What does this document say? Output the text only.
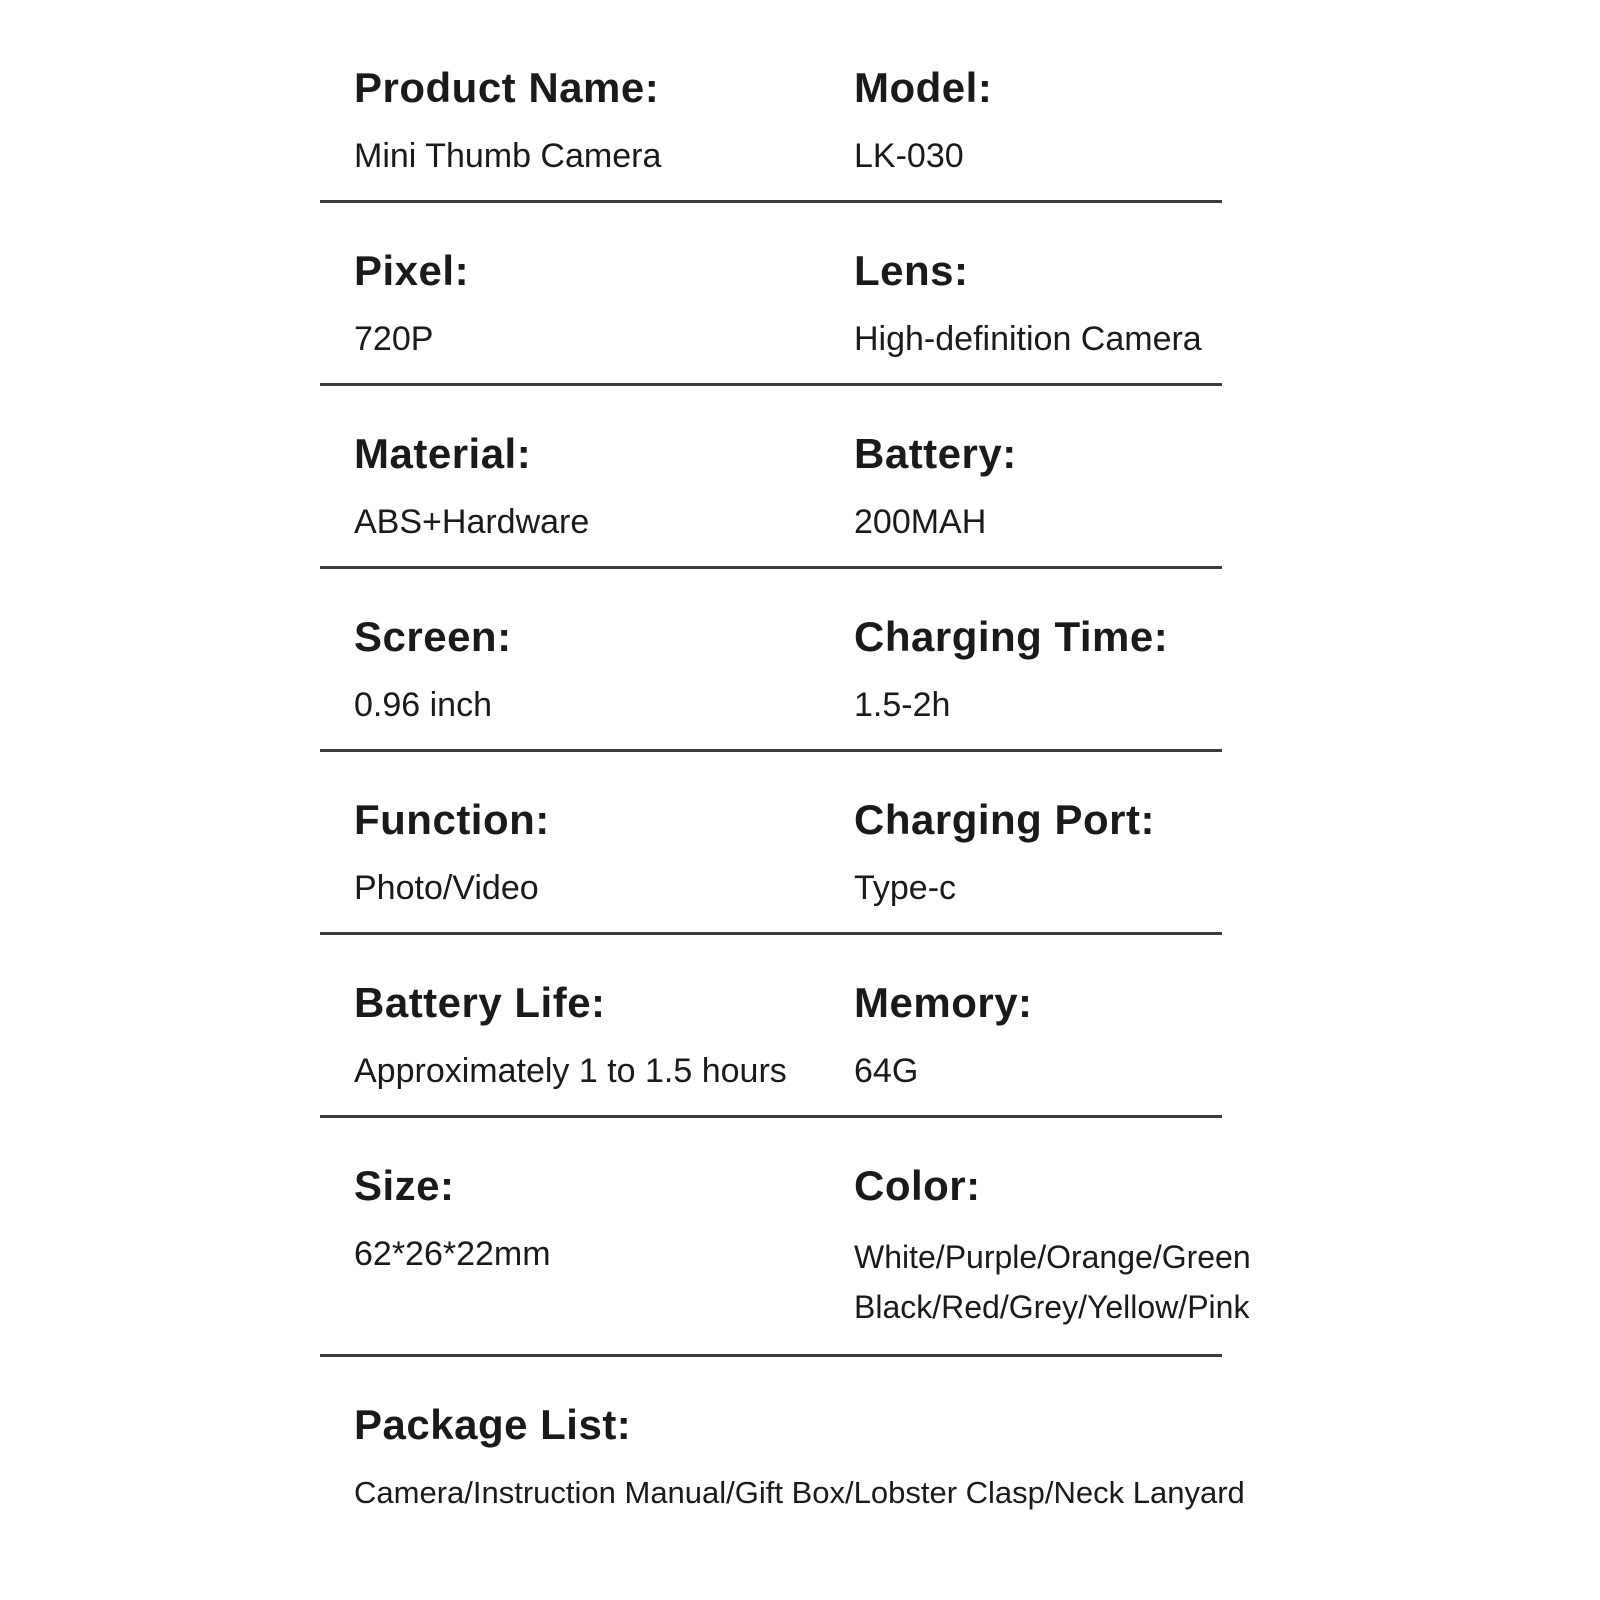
Product Name:
Mini Thumb Camera
Model:
LK-030
Pixel:
720P
Lens:
High-definition Camera
Material:
ABS+Hardware
Battery:
200MAH
Screen:
0.96 inch
Charging Time:
1.5-2h
Function:
Photo/Video
Charging Port:
Type-c
Battery Life:
Approximately 1 to 1.5 hours
Memory:
64G
Size:
62*26*22mm
Color:
White/Purple/Orange/Green
Black/Red/Grey/Yellow/Pink
Package List:
Camera/Instruction Manual/Gift Box/Lobster Clasp/Neck Lanyard
